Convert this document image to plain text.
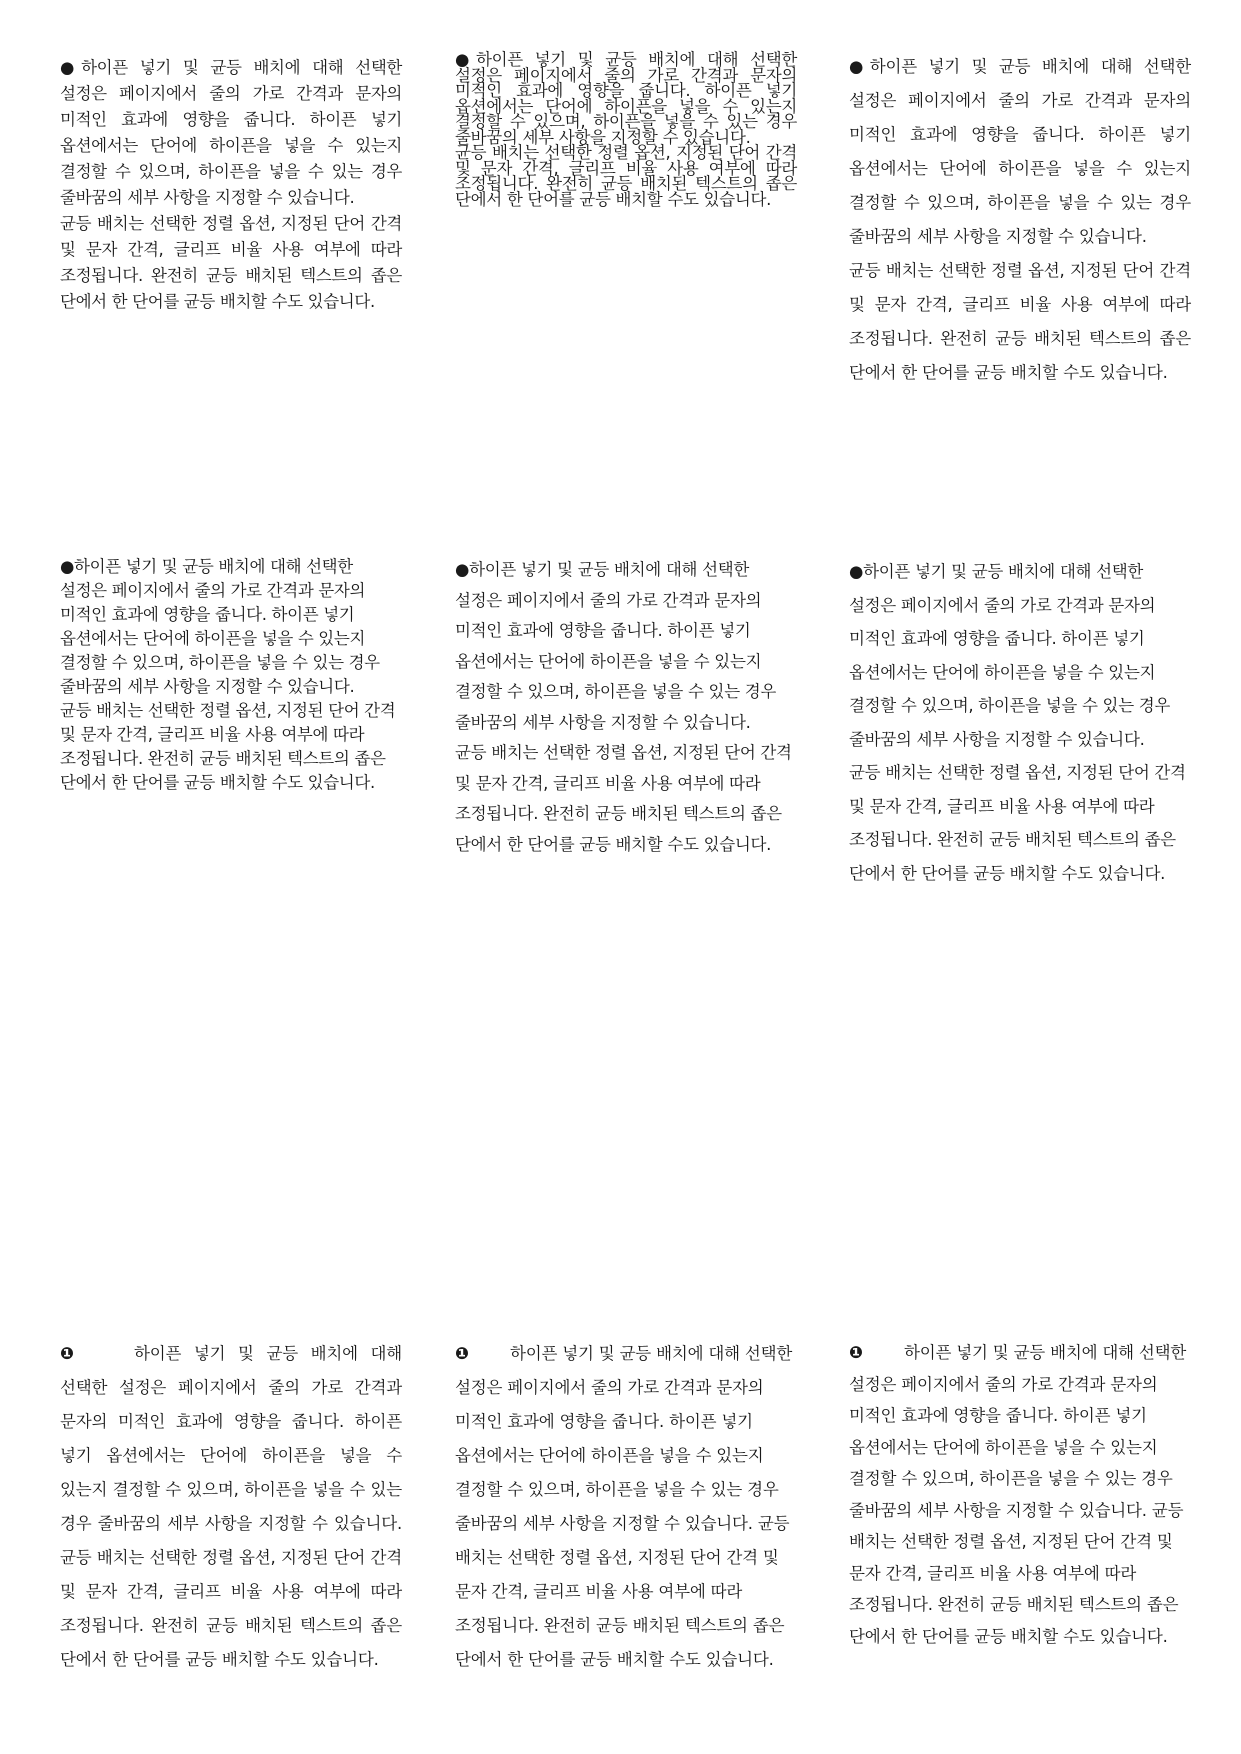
●하이픈 넣기 및 균등 배치에 대해 선택한 설정은 페이지에서 줄의 가로 간격과 문자의 미적인 효과에 영향을 줍니다. 하이픈 넣기 옵션에서는 단어에 하이픈을 넣을 수 있는지 결정할 수 있으며, 하이픈을 넣을 수 있는 경우 줄바꿈의 세부 사항을 지정할 수 있습니다.

균등 배치는 선택한 정렬 옵션, 지정된 단어 간격 및 문자 간격, 글리프 비율 사용 여부에 따라 조정됩니다. 완전히 균등 배치된 텍스트의 좁은 단에서 한 단어를 균등 배치할 수도 있습니다.

●하이픈 넣기 및 균등 배치에 대해 선택한 설정은 페이지에서 줄의 가로 간격과 문자의 미적인 효과에 영향을 줍니다. 하이픈 넣기 옵션에서는 단어에 하이픈을 넣을 수 있는지 결정할 수 있으며, 하이픈을 넣을 수 있는 경우 줄바꿈의 세부 사항을 지정할 수 있습니다.

균등 배치는 선택한 정렬 옵션, 지정된 단어 간격 및 문자 간격, 글리프 비율 사용 여부에 따라 조정됩니다. 완전히 균등 배치된 텍스트의 좁은 단에서 한 단어를 균등 배치할 수도 있습니다.

●하이픈 넣기 및 균등 배치에 대해 선택한 설정은 페이지에서 줄의 가로 간격과 문자의 미적인 효과에 영향을 줍니다. 하이픈 넣기 옵션에서는 단어에 하이픈을 넣을 수 있는지 결정할 수 있으며, 하이픈을 넣을 수 있는 경우 줄바꿈의 세부 사항을 지정할 수 있습니다.

균등 배치는 선택한 정렬 옵션, 지정된 단어 간격 및 문자 간격, 글리프 비율 사용 여부에 따라 조정됩니다. 완전히 균등 배치된 텍스트의 좁은 단에서 한 단어를 균등 배치할 수도 있습니다.

●하이픈 넣기 및 균등 배치에 대해 선택한 설정은 페이지에서 줄의 가로 간격과 문자의 미적인 효과에 영향을 줍니다. 하이픈 넣기 옵션에서는 단어에 하이픈을 넣을 수 있는지 결정할 수 있으며, 하이픈을 넣을 수 있는 경우 줄바꿈의 세부 사항을 지정할 수 있습니다.

균등 배치는 선택한 정렬 옵션, 지정된 단어 간격 및 문자 간격, 글리프 비율 사용 여부에 따라 조정됩니다. 완전히 균등 배치된 텍스트의 좁은 단에서 한 단어를 균등 배치할 수도 있습니다.

●하이픈 넣기 및 균등 배치에 대해 선택한 설정은 페이지에서 줄의 가로 간격과 문자의 미적인 효과에 영향을 줍니다. 하이픈 넣기 옵션에서는 단어에 하이픈을 넣을 수 있는지 결정할 수 있으며, 하이픈을 넣을 수 있는 경우 줄바꿈의 세부 사항을 지정할 수 있습니다.

균등 배치는 선택한 정렬 옵션, 지정된 단어 간격 및 문자 간격, 글리프 비율 사용 여부에 따라 조정됩니다. 완전히 균등 배치된 텍스트의 좁은 단에서 한 단어를 균등 배치할 수도 있습니다.

●하이픈 넣기 및 균등 배치에 대해 선택한 설정은 페이지에서 줄의 가로 간격과 문자의 미적인 효과에 영향을 줍니다. 하이픈 넣기 옵션에서는 단어에 하이픈을 넣을 수 있는지 결정할 수 있으며, 하이픈을 넣을 수 있는 경우 줄바꿈의 세부 사항을 지정할 수 있습니다.

균등 배치는 선택한 정렬 옵션, 지정된 단어 간격 및 문자 간격, 글리프 비율 사용 여부에 따라 조정됩니다. 완전히 균등 배치된 텍스트의 좁은 단에서 한 단어를 균등 배치할 수도 있습니다.

❶	하이픈 넣기 및 균등 배치에 대해 선택한 설정은 페이지에서 줄의 가로 간격과 문자의 미적인 효과에 영향을 줍니다. 하이픈 넣기 옵션에서는 단어에 하이픈을 넣을 수 있는지 결정할 수 있으며, 하이픈을 넣을 수 있는 경우 줄바꿈의 세부 사항을 지정할 수 있습니다. 균등 배치는 선택한 정렬 옵션, 지정된 단어 간격 및 문자 간격, 글리프 비율 사용 여부에 따라 조정됩니다. 완전히 균등 배치된 텍스트의 좁은 단에서 한 단어를 균등 배치할 수도 있습니다.

❶ 하이픈 넣기 및 균등 배치에 대해 선택한 설정은 페이지에서 줄의 가로 간격과 문자의 미적인 효과에 영향을 줍니다. 하이픈 넣기 옵션에서는 단어에 하이픈을 넣을 수 있는지 결정할 수 있으며, 하이픈을 넣을 수 있는 경우 줄바꿈의 세부 사항을 지정할 수 있습니다. 균등 배치는 선택한 정렬 옵션, 지정된 단어 간격 및 문자 간격, 글리프 비율 사용 여부에 따라 조정됩니다. 완전히 균등 배치된 텍스트의 좁은 단에서 한 단어를 균등 배치할 수도 있습니다.

❶ 하이픈 넣기 및 균등 배치에 대해 선택한 설정은 페이지에서 줄의 가로 간격과 문자의 미적인 효과에 영향을 줍니다. 하이픈 넣기 옵션에서는 단어에 하이픈을 넣을 수 있는지 결정할 수 있으며, 하이픈을 넣을 수 있는 경우 줄바꿈의 세부 사항을 지정할 수 있습니다. 균등 배치는 선택한 정렬 옵션, 지정된 단어 간격 및 문자 간격, 글리프 비율 사용 여부에 따라 조정됩니다. 완전히 균등 배치된 텍스트의 좁은 단에서 한 단어를 균등 배치할 수도 있습니다.
